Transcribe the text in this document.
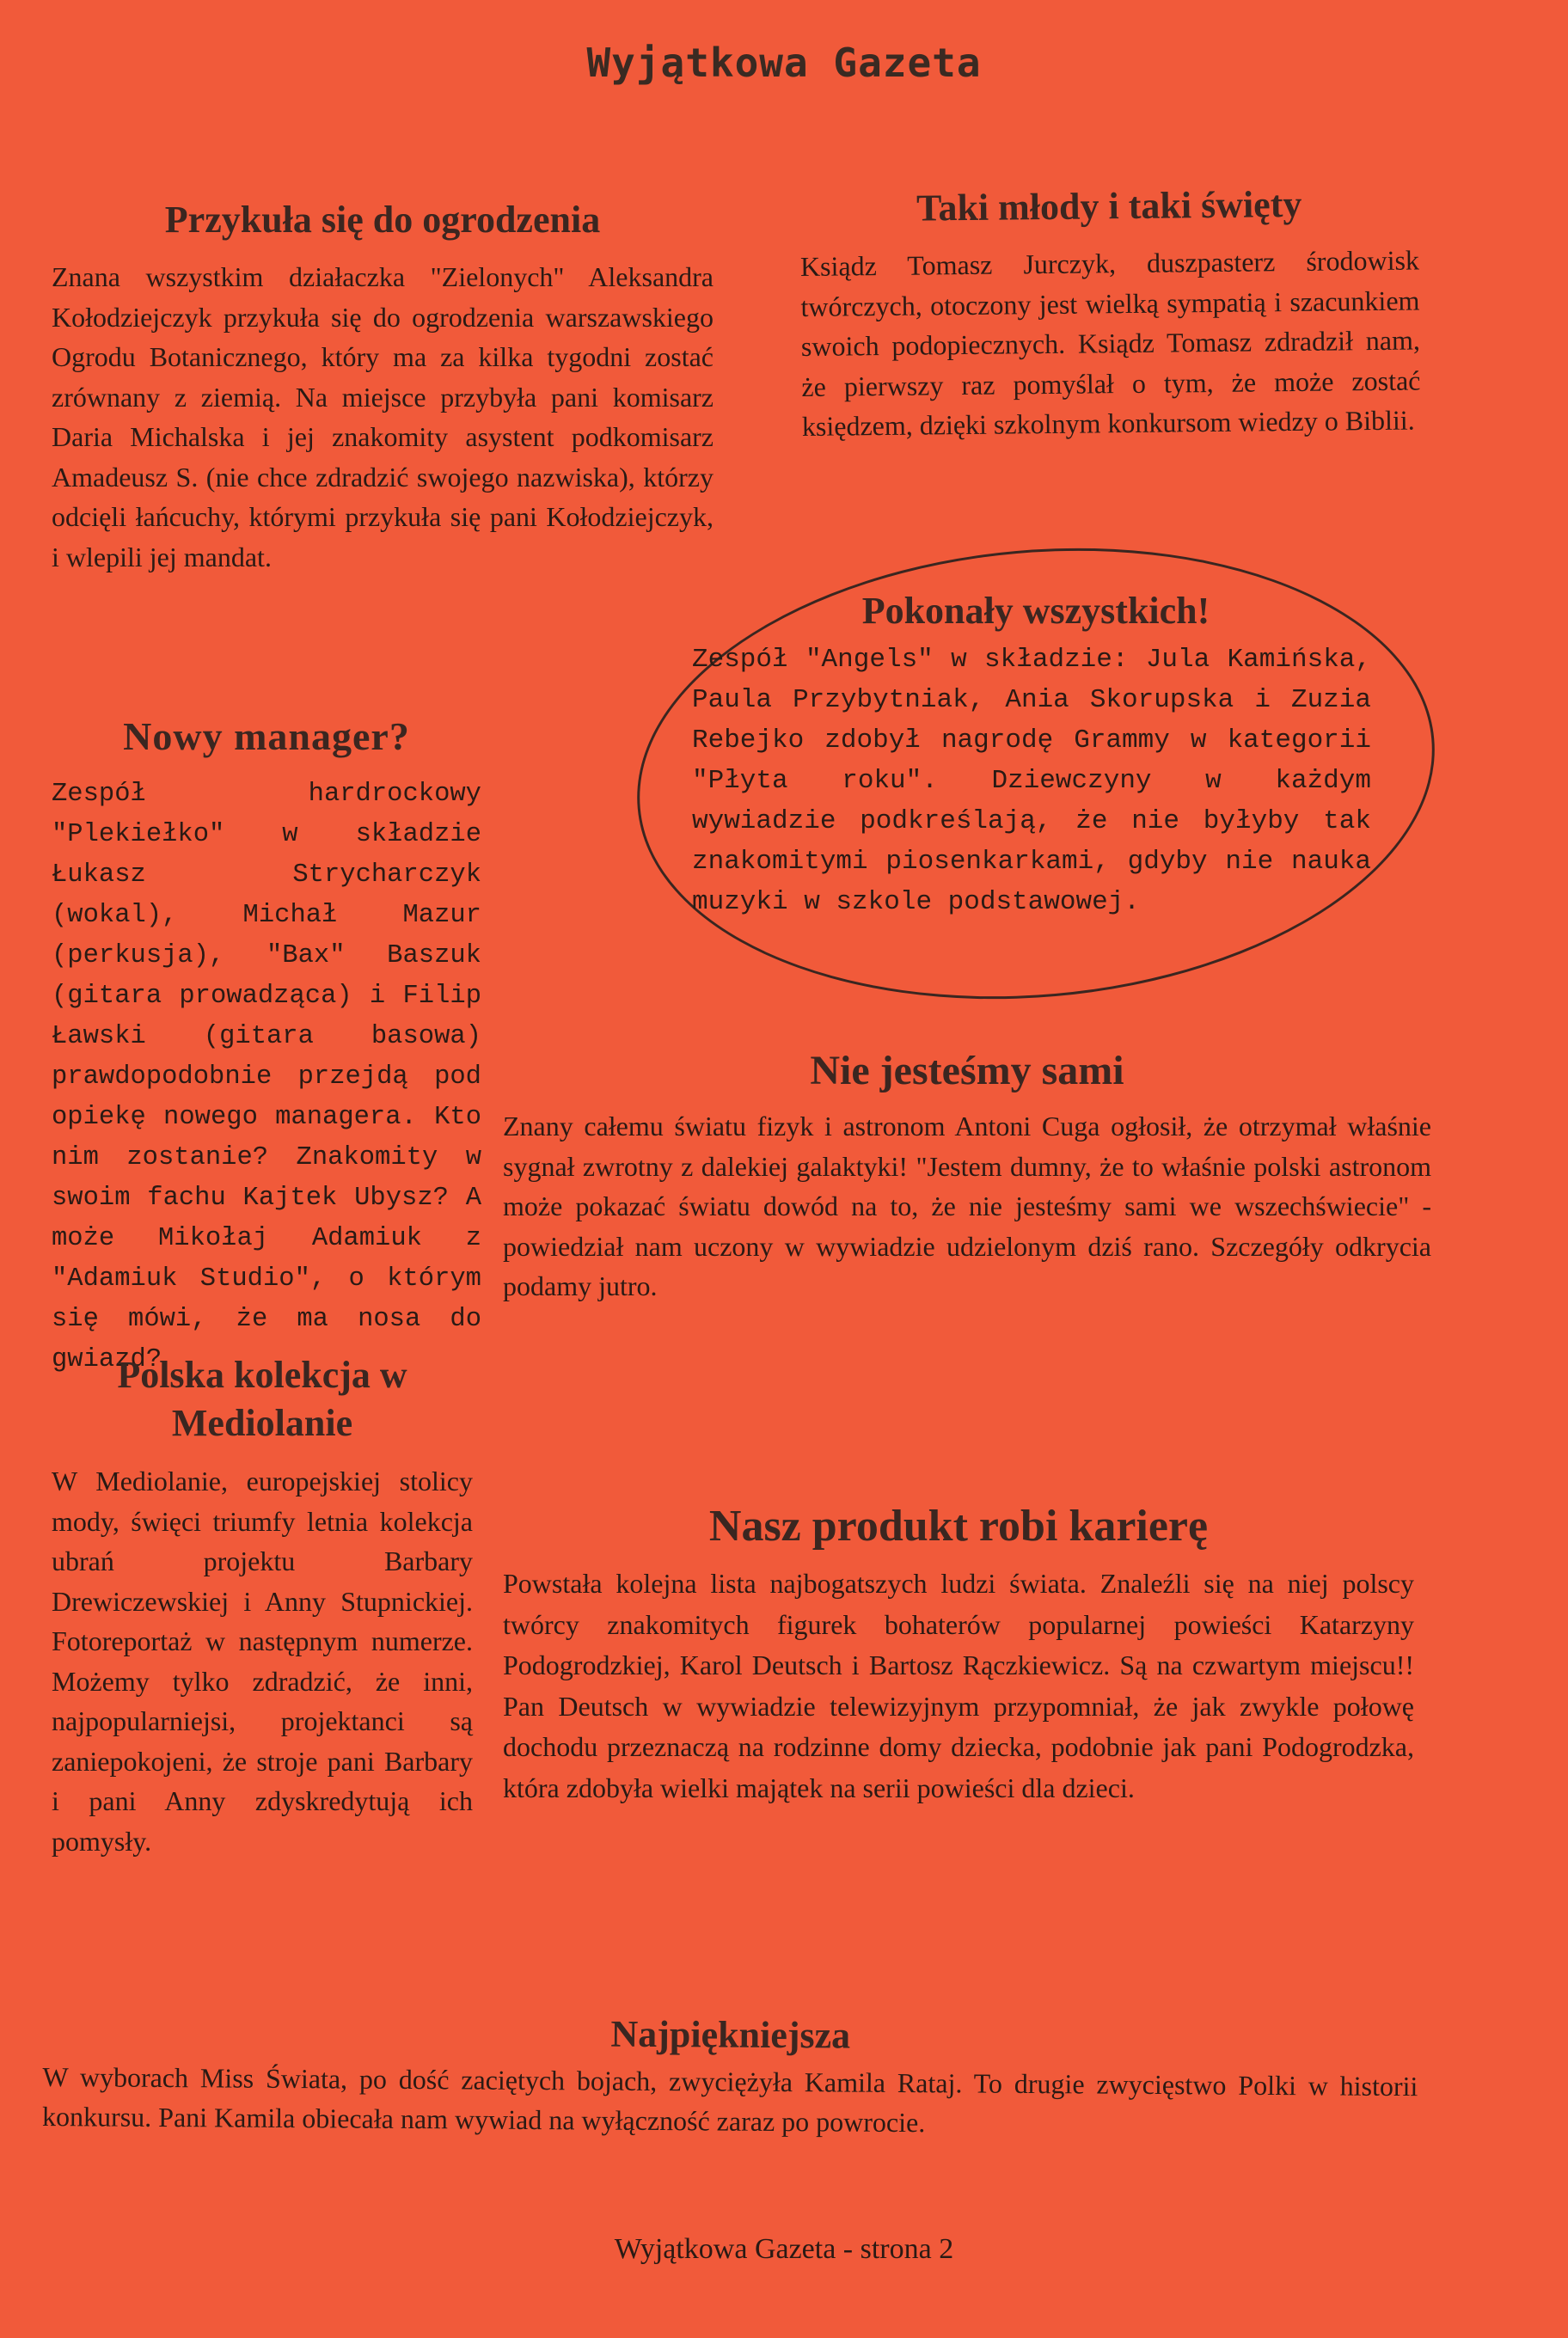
Wyjątkowa Gazeta
Przykuła się do ogrodzenia

Znana wszystkim działaczka "Zielonych" Aleksandra Kołodziejczyk przykuła się do ogrodzenia warszawskiego Ogrodu Botanicznego, który ma za kilka tygodni zostać zrównany z ziemią. Na miejsce przybyła pani komisarz Daria Michalska i jej znakomity asystent podkomisarz Amadeusz S. (nie chce zdradzić swojego nazwiska), którzy odcięli łańcuchy, którymi przykuła się pani Kołodziejczyk, i wlepili jej mandat.

Taki młody i taki święty

Ksiądz Tomasz Jurczyk, duszpasterz środowisk twórczych, otoczony jest wielką sympatią i szacunkiem swoich podopiecznych. Ksiądz Tomasz zdradził nam, że pierwszy raz pomyślał o tym, że może zostać księdzem, dzięki szkolnym konkursom wiedzy o Biblii.

Nowy manager?

Zespół hardrockowy "Plekiełko" w składzie Łukasz Strycharczyk (wokal), Michał Mazur (perkusja), "Bax" Baszuk (gitara prowadząca) i Filip Ławski (gitara basowa) prawdopodobnie przejdą pod opiekę nowego managera. Kto nim zostanie? Znakomity w swoim fachu Kajtek Ubysz? A może Mikołaj Adamiuk z "Adamiuk Studio", o którym się mówi, że ma nosa do gwiazd?

Polska kolekcja w Mediolanie

W Mediolanie, europejskiej stolicy mody, święci triumfy letnia kolekcja ubrań projektu Barbary Drewiczewskiej i Anny Stupnickiej. Fotoreportaż w następnym numerze. Możemy tylko zdradzić, że inni, najpopularniejsi, projektanci są zaniepokojeni, że stroje pani Barbary i pani Anny zdyskredytują ich pomysły.

Pokonały wszystkich!

Zespół "Angels" w składzie: Jula Kamińska, Paula Przybytniak, Ania Skorupska i Zuzia Rebejko zdobył nagrodę Grammy w kategorii "Płyta roku". Dziewczyny w każdym wywiadzie podkreślają, że nie byłyby tak znakomitymi piosenkarkami, gdyby nie nauka muzyki w szkole podstawowej.

Nie jesteśmy sami

Znany całemu światu fizyk i astronom Antoni Cuga ogłosił, że otrzymał właśnie sygnał zwrotny z dalekiej galaktyki! "Jestem dumny, że to właśnie polski astronom może pokazać światu dowód na to, że nie jesteśmy sami we wszechświecie" - powiedział nam uczony w wywiadzie udzielonym dziś rano. Szczegóły odkrycia podamy jutro.

Nasz produkt robi karierę

Powstała kolejna lista najbogatszych ludzi świata. Znaleźli się na niej polscy twórcy znakomitych figurek bohaterów popularnej powieści Katarzyny Podogrodzkiej, Karol Deutsch i Bartosz Rączkiewicz. Są na czwartym miejscu!! Pan Deutsch w wywiadzie telewizyjnym przypomniał, że jak zwykle połowę dochodu przeznaczą na rodzinne domy dziecka, podobnie jak pani Podogrodzka, która zdobyła wielki majątek na serii powieści dla dzieci.

Najpiękniejsza

W wyborach Miss Świata, po dość zaciętych bojach, zwyciężyła Kamila Rataj. To drugie zwycięstwo Polki w historii konkursu. Pani Kamila obiecała nam wywiad na wyłączność zaraz po powrocie.

Wyjątkowa Gazeta - strona 2
